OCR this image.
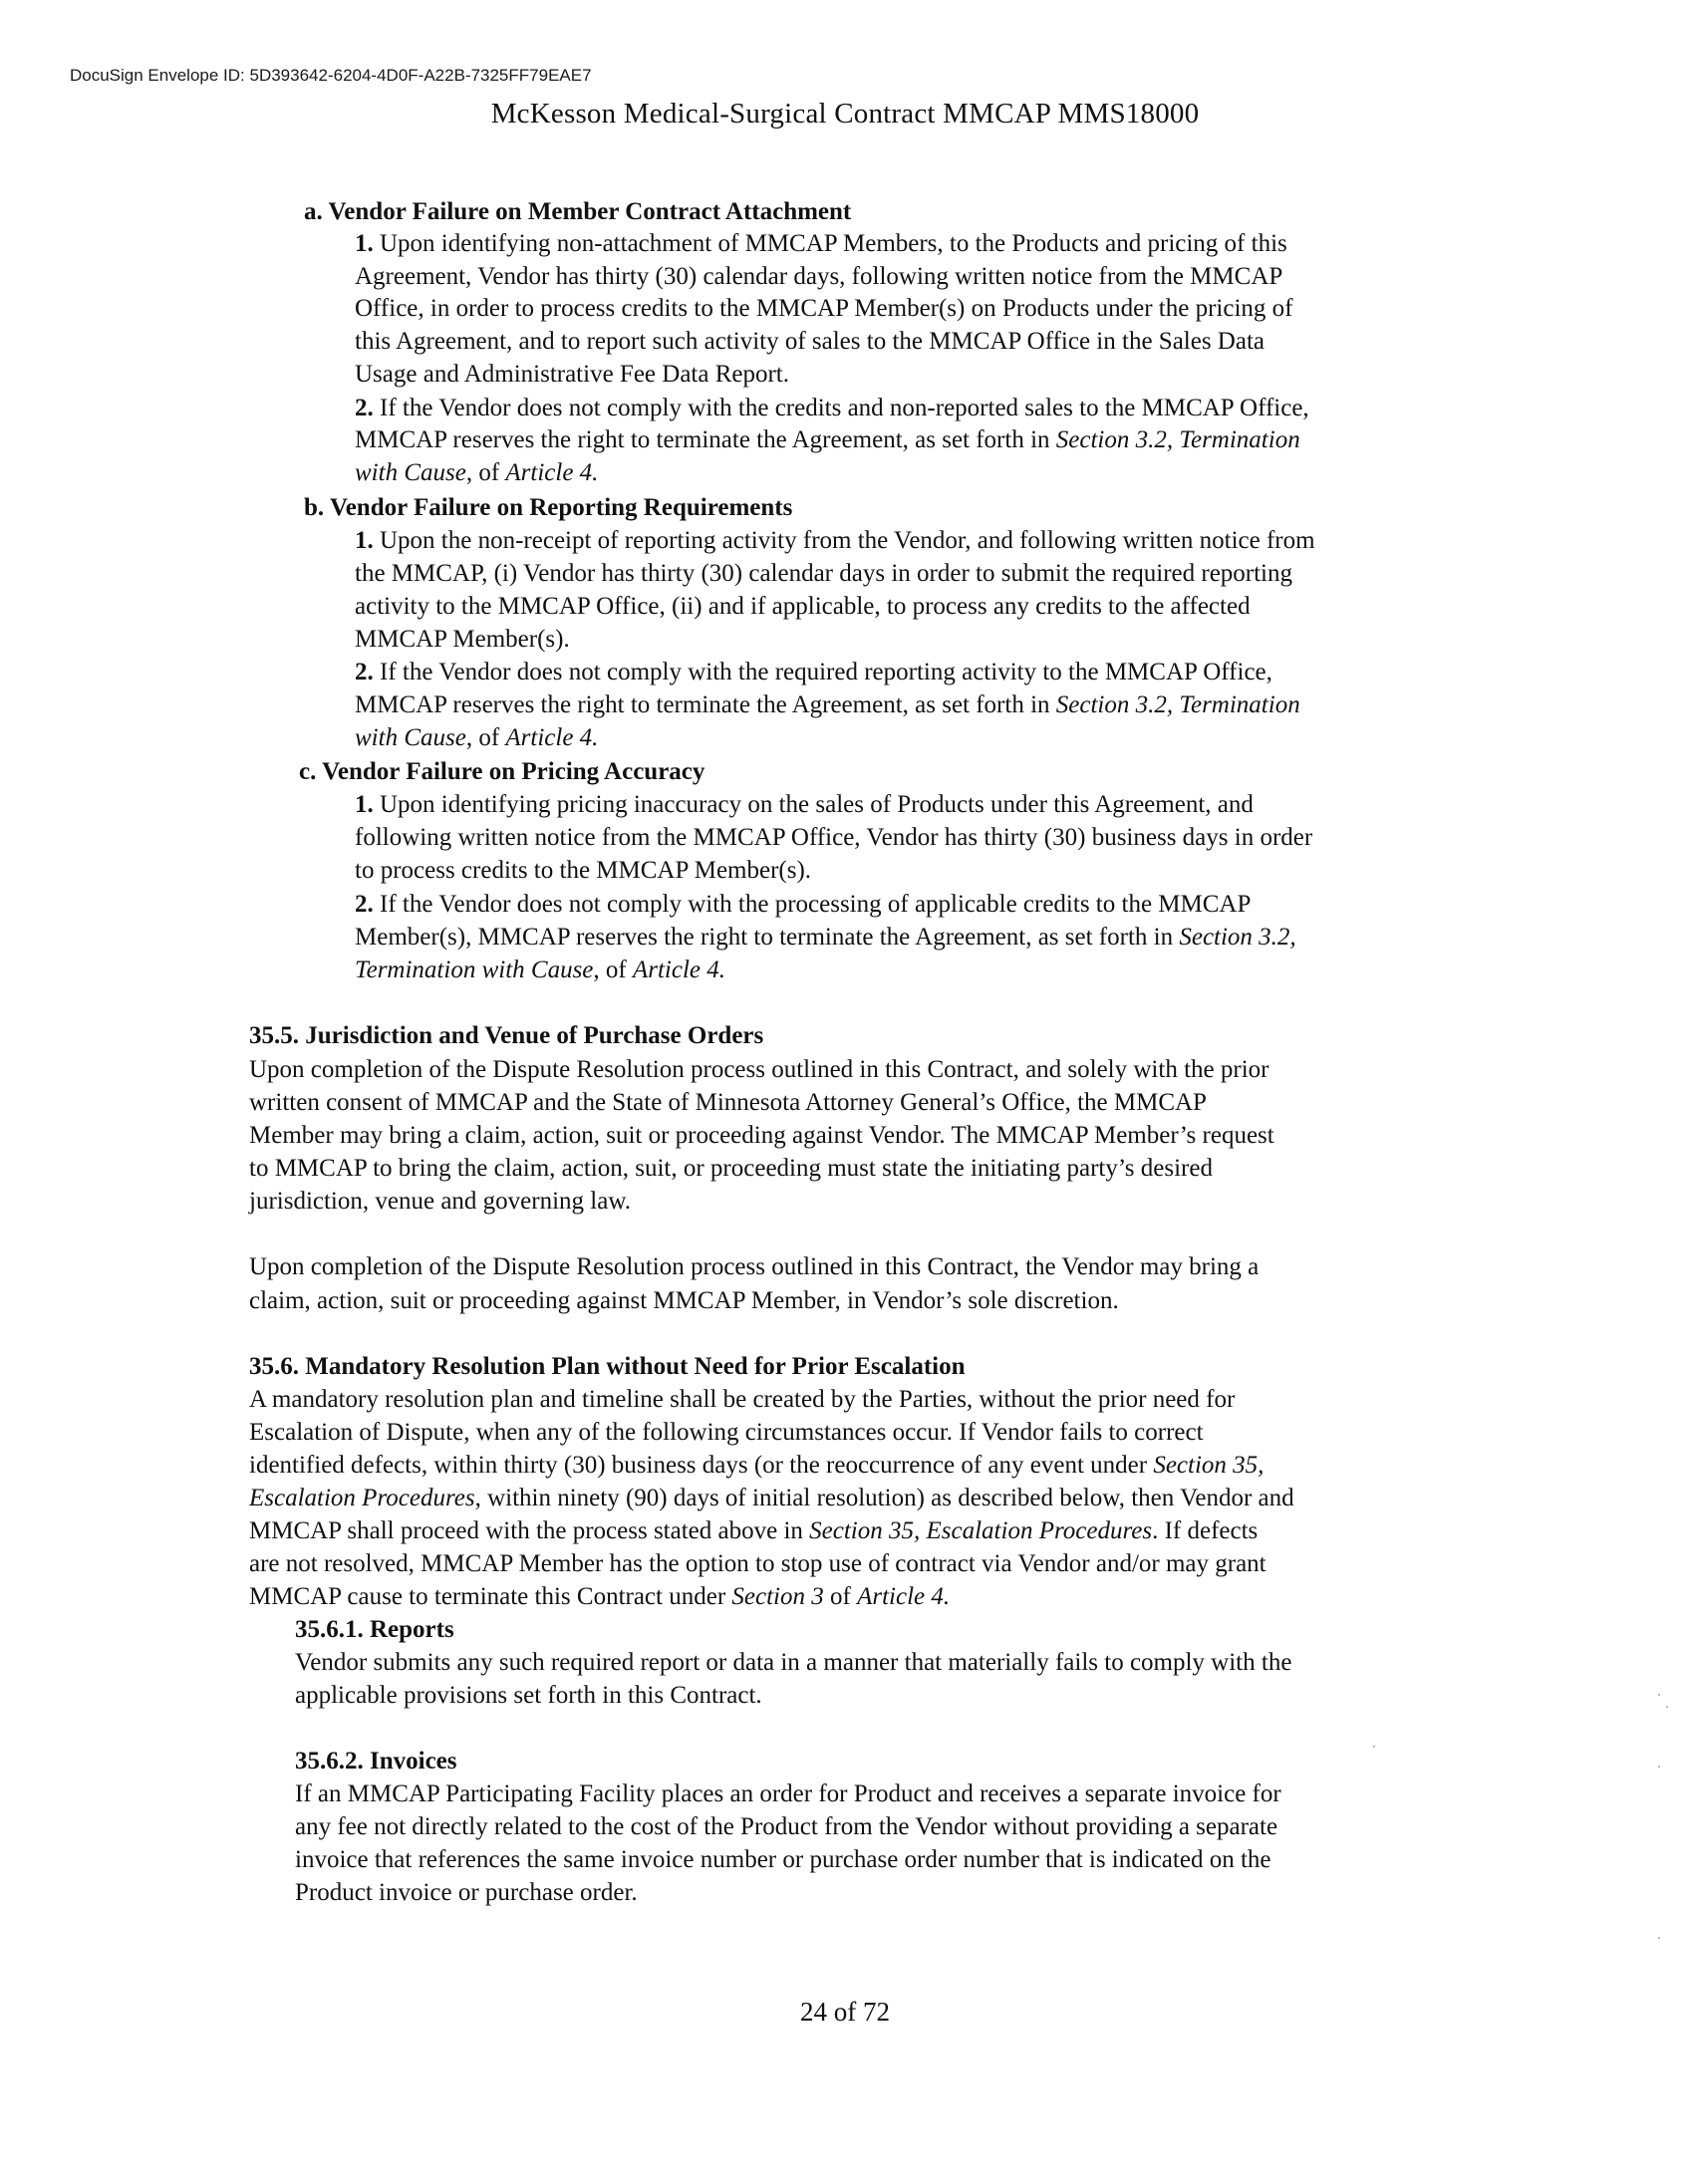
DocuSign Envelope ID: 5D393642-6204-4D0F-A22B-7325FF79EAE7
McKesson Medical-Surgical Contract MMCAP MMS18000
a. Vendor Failure on Member Contract Attachment
1. Upon identifying non-attachment of MMCAP Members, to the Products and pricing of this
Agreement, Vendor has thirty (30) calendar days, following written notice from the MMCAP
Office, in order to process credits to the MMCAP Member(s) on Products under the pricing of
this Agreement, and to report such activity of sales to the MMCAP Office in the Sales Data
Usage and Administrative Fee Data Report.
2. If the Vendor does not comply with the credits and non-reported sales to the MMCAP Office,
MMCAP reserves the right to terminate the Agreement, as set forth in Section 3.2, Termination
with Cause, of Article 4.
b. Vendor Failure on Reporting Requirements
1. Upon the non-receipt of reporting activity from the Vendor, and following written notice from
the MMCAP, (i) Vendor has thirty (30) calendar days in order to submit the required reporting
activity to the MMCAP Office, (ii) and if applicable, to process any credits to the affected
MMCAP Member(s).
2. If the Vendor does not comply with the required reporting activity to the MMCAP Office,
MMCAP reserves the right to terminate the Agreement, as set forth in Section 3.2, Termination
with Cause, of Article 4.
c. Vendor Failure on Pricing Accuracy
1. Upon identifying pricing inaccuracy on the sales of Products under this Agreement, and
following written notice from the MMCAP Office, Vendor has thirty (30) business days in order
to process credits to the MMCAP Member(s).
2. If the Vendor does not comply with the processing of applicable credits to the MMCAP
Member(s), MMCAP reserves the right to terminate the Agreement, as set forth in Section 3.2,
Termination with Cause, of Article 4.
35.5. Jurisdiction and Venue of Purchase Orders
Upon completion of the Dispute Resolution process outlined in this Contract, and solely with the prior
written consent of MMCAP and the State of Minnesota Attorney General’s Office, the MMCAP
Member may bring a claim, action, suit or proceeding against Vendor. The MMCAP Member’s request
to MMCAP to bring the claim, action, suit, or proceeding must state the initiating party’s desired
jurisdiction, venue and governing law.
Upon completion of the Dispute Resolution process outlined in this Contract, the Vendor may bring a
claim, action, suit or proceeding against MMCAP Member, in Vendor’s sole discretion.
35.6. Mandatory Resolution Plan without Need for Prior Escalation
A mandatory resolution plan and timeline shall be created by the Parties, without the prior need for
Escalation of Dispute, when any of the following circumstances occur. If Vendor fails to correct
identified defects, within thirty (30) business days (or the reoccurrence of any event under Section 35,
Escalation Procedures, within ninety (90) days of initial resolution) as described below, then Vendor and
MMCAP shall proceed with the process stated above in Section 35, Escalation Procedures. If defects
are not resolved, MMCAP Member has the option to stop use of contract via Vendor and/or may grant
MMCAP cause to terminate this Contract under Section 3 of Article 4.
35.6.1. Reports
Vendor submits any such required report or data in a manner that materially fails to comply with the
applicable provisions set forth in this Contract.
35.6.2. Invoices
If an MMCAP Participating Facility places an order for Product and receives a separate invoice for
any fee not directly related to the cost of the Product from the Vendor without providing a separate
invoice that references the same invoice number or purchase order number that is indicated on the
Product invoice or purchase order.
24 of 72
